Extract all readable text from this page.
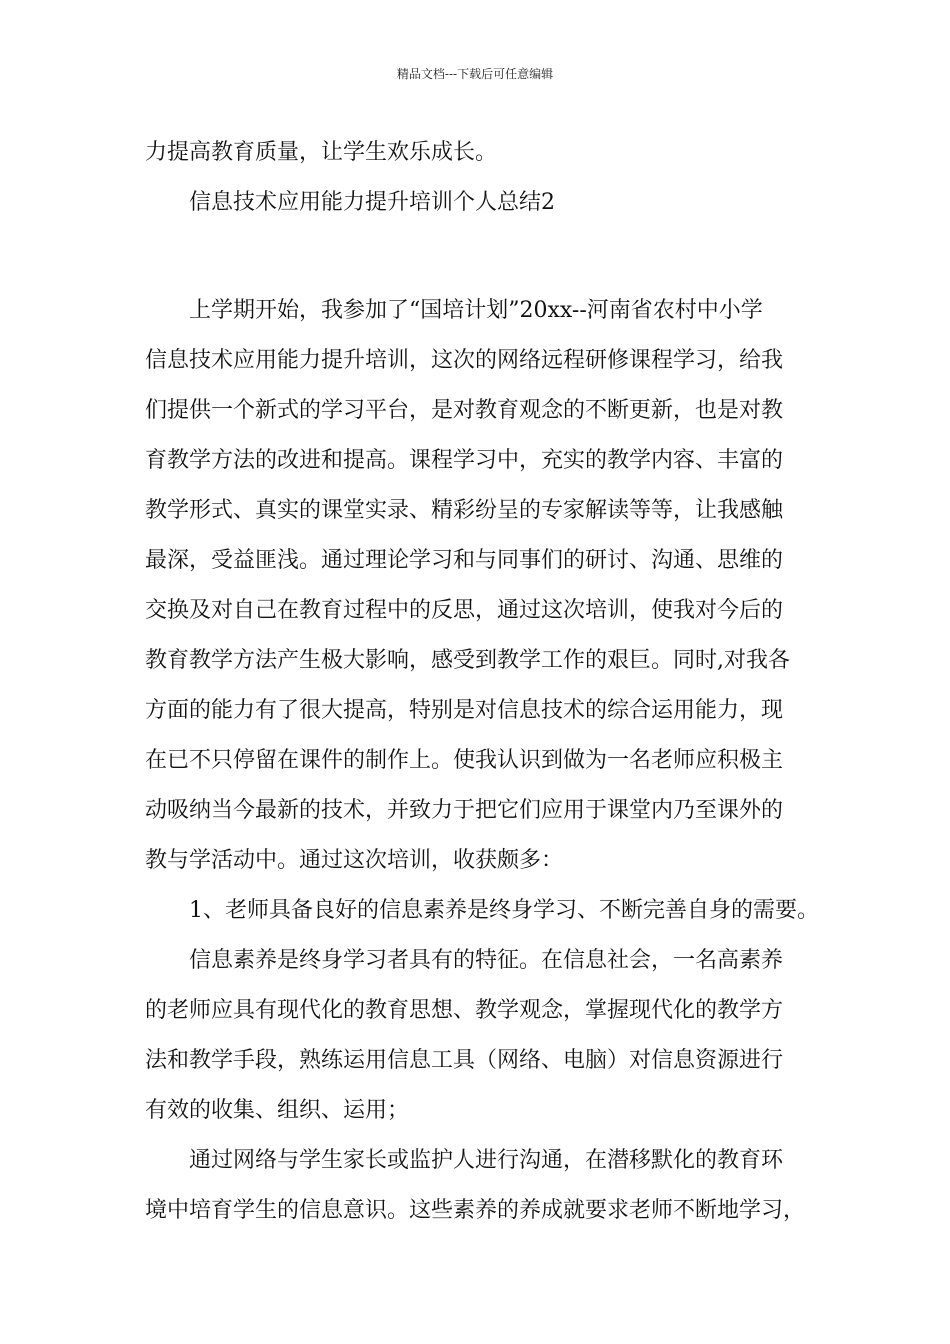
精品文档---下载后可任意编辑
力提高教育质量，让学生欢乐成长。
信息技术应用能力提升培训个人总结2
上学期开始，我参加了“国培计划”20xx--河南省农村中小学
信息技术应用能力提升培训，这次的网络远程研修课程学习，给我
们提供一个新式的学习平台，是对教育观念的不断更新，也是对教
育教学方法的改进和提高。课程学习中，充实的教学内容、丰富的
教学形式、真实的课堂实录、精彩纷呈的专家解读等等，让我感触
最深，受益匪浅。通过理论学习和与同事们的研讨、沟通、思维的
交换及对自己在教育过程中的反思，通过这次培训，使我对今后的
教育教学方法产生极大影响，感受到教学工作的艰巨。同时,对我各
方面的能力有了很大提高，特别是对信息技术的综合运用能力，现
在已不只停留在课件的制作上。使我认识到做为一名老师应积极主
动吸纳当今最新的技术，并致力于把它们应用于课堂内乃至课外的
教与学活动中。通过这次培训，收获颇多：
1、老师具备良好的信息素养是终身学习、不断完善自身的需要。
信息素养是终身学习者具有的特征。在信息社会，一名高素养
的老师应具有现代化的教育思想、教学观念，掌握现代化的教学方
法和教学手段，熟练运用信息工具（网络、电脑）对信息资源进行
有效的收集、组织、运用；
通过网络与学生家长或监护人进行沟通，在潜移默化的教育环
境中培育学生的信息意识。这些素养的养成就要求老师不断地学习，
